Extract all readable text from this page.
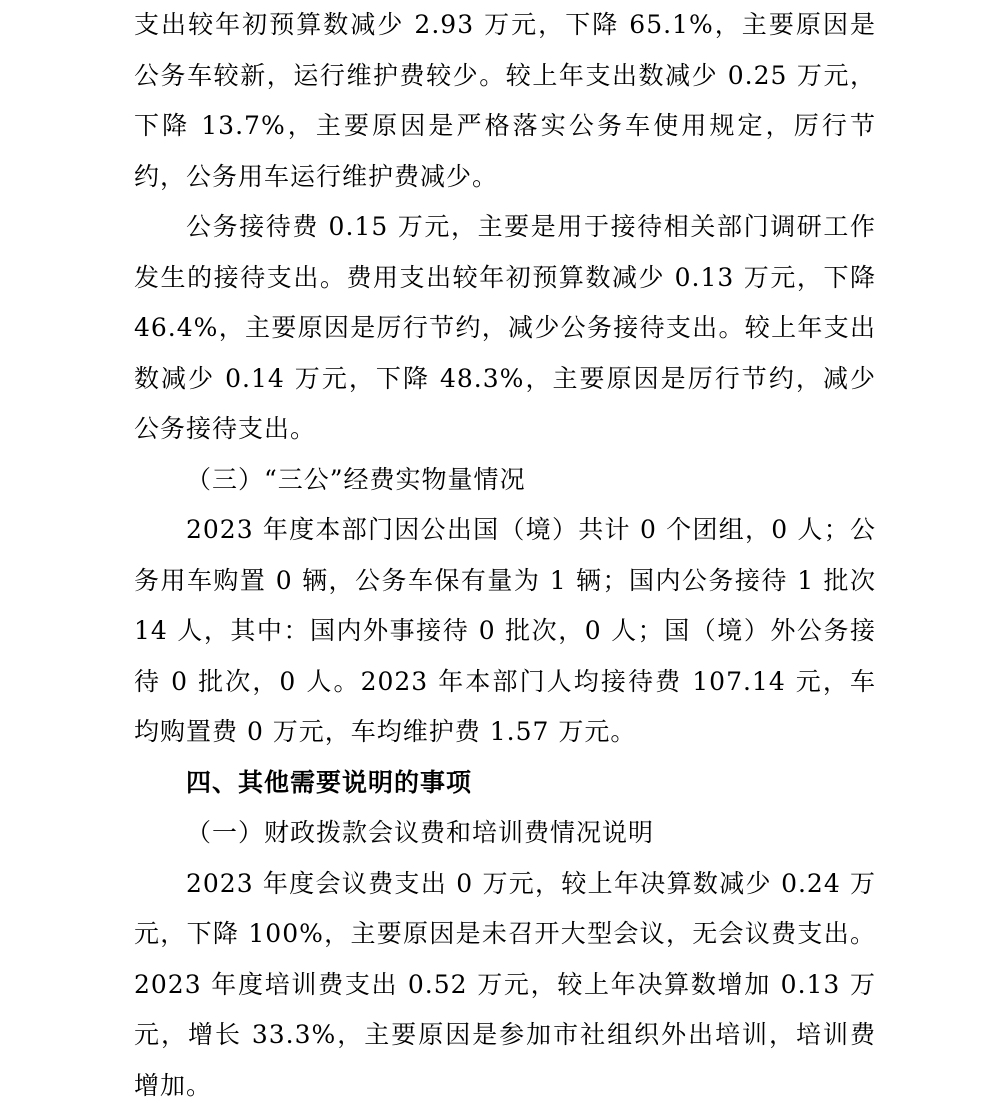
支出较年初预算数减少 2.93 万元，下降 65.1%，主要原因是公务车较新，运行维护费较少。较上年支出数减少 0.25 万元，下降 13.7%，主要原因是严格落实公务车使用规定，厉行节约，公务用车运行维护费减少。

公务接待费 0.15 万元，主要是用于接待相关部门调研工作发生的接待支出。费用支出较年初预算数减少 0.13 万元，下降 46.4%，主要原因是厉行节约，减少公务接待支出。较上年支出数减少 0.14 万元，下降 48.3%，主要原因是厉行节约，减少公务接待支出。

（三）“三公”经费实物量情况

2023 年度本部门因公出国（境）共计 0 个团组，0 人；公务用车购置 0 辆，公务车保有量为 1 辆；国内公务接待 1 批次 14 人，其中：国内外事接待 0 批次，0 人；国（境）外公务接待 0 批次，0 人。2023 年本部门人均接待费 107.14 元，车均购置费 0 万元，车均维护费 1.57 万元。

四、其他需要说明的事项

（一）财政拨款会议费和培训费情况说明

2023 年度会议费支出 0 万元，较上年决算数减少 0.24 万元，下降 100%，主要原因是未召开大型会议，无会议费支出。2023 年度培训费支出 0.52 万元，较上年决算数增加 0.13 万元，增长 33.3%，主要原因是参加市社组织外出培训，培训费增加。
